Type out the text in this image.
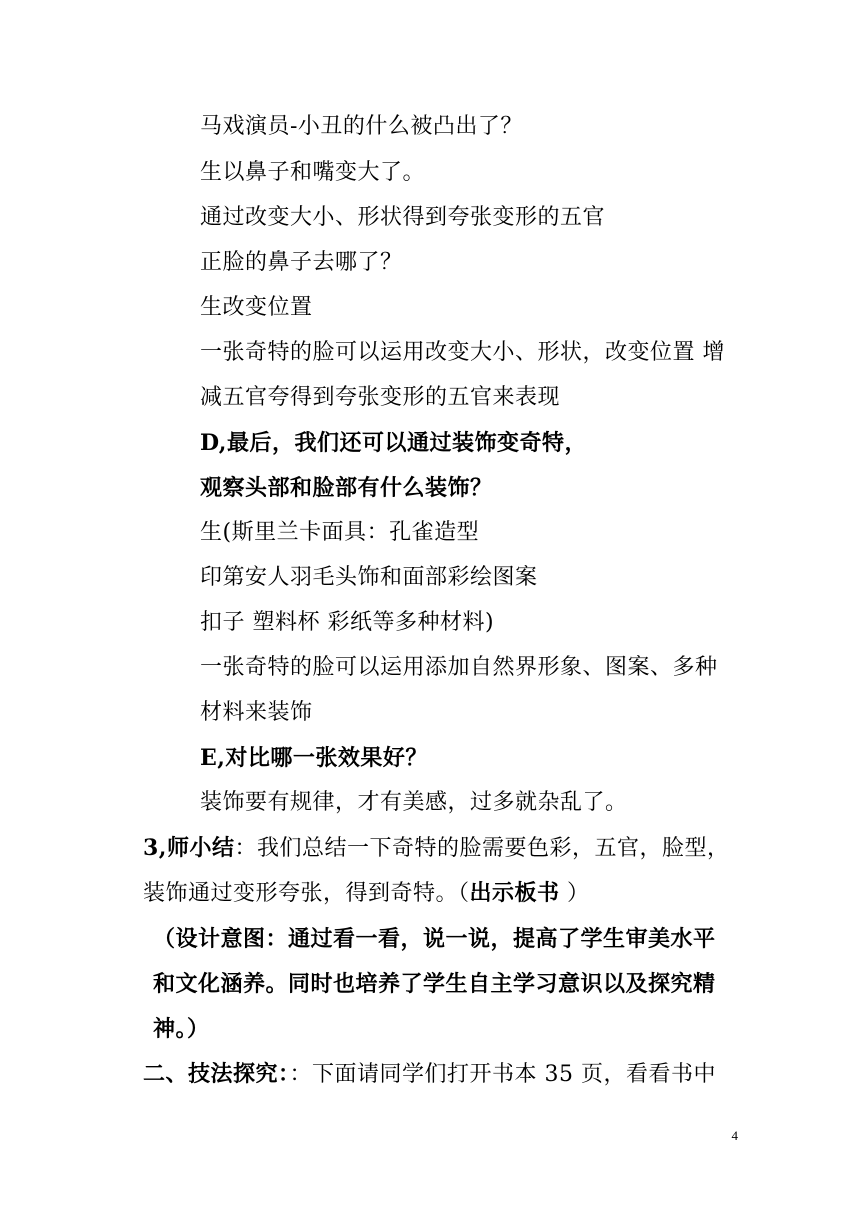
马戏演员-小丑的什么被凸出了？
生以鼻子和嘴变大了。
通过改变大小、形状得到夸张变形的五官
正脸的鼻子去哪了？
生改变位置
一张奇特的脸可以运用改变大小、形状，改变位置 增
减五官夸得到夸张变形的五官来表现
D,最后，我们还可以通过装饰变奇特，
观察头部和脸部有什么装饰？
生(斯里兰卡面具：孔雀造型
印第安人羽毛头饰和面部彩绘图案
扣子 塑料杯 彩纸等多种材料)
一张奇特的脸可以运用添加自然界形象、图案、多种
材料来装饰
E,对比哪一张效果好？
装饰要有规律，才有美感，过多就杂乱了。
3,师小结：我们总结一下奇特的脸需要色彩，五官，脸型，
装饰通过变形夸张，得到奇特。（出示板书 ）
（设计意图：通过看一看，说一说，提高了学生审美水平
和文化涵养。同时也培养了学生自主学习意识以及探究精
神。）
二、技法探究：：下面请同学们打开书本 35 页，看看书中
4
